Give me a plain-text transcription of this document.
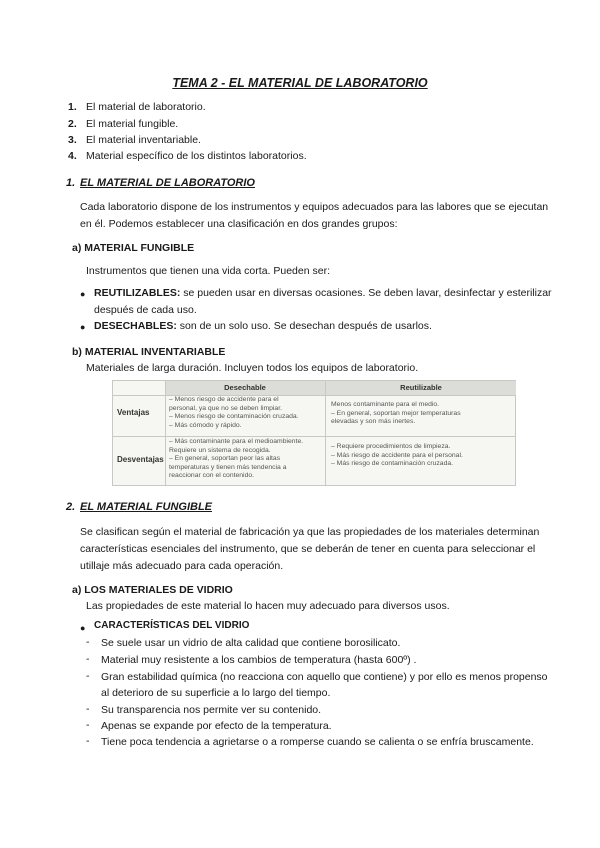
TEMA 2 - EL MATERIAL DE LABORATORIO
1. El material de laboratorio.
2. El material fungible.
3. El material inventariable.
4. Material específico de los distintos laboratorios.
1. EL MATERIAL DE LABORATORIO
Cada laboratorio dispone de los instrumentos y equipos adecuados para las labores que se ejecutan
en él. Podemos establecer una clasificación en dos grandes grupos:
a) MATERIAL FUNGIBLE
Instrumentos que tienen una vida corta. Pueden ser:
● REUTILIZABLES: se pueden usar en diversas ocasiones. Se deben lavar, desinfectar y esterilizar
después de cada uso.
● DESECHABLES: son de un solo uso. Se desechan después de usarlos.
b) MATERIAL INVENTARIABLE
Materiales de larga duración. Incluyen todos los equipos de laboratorio.
Desechable	Reutilizable
Ventajas
– Menos riesgo de accidente para el
personal, ya que no se deben limpiar.
– Menos riesgo de contaminación cruzada.
– Más cómodo y rápido.
Menos contaminante para el medio.
– En general, soportan mejor temperaturas
elevadas y son más inertes.
Desventajas
– Más contaminante para el medioambiente.
Requiere un sistema de recogida.
– En general, soportan peor las altas
temperaturas y tienen más tendencia a
reaccionar con el contenido.
– Requiere procedimientos de limpieza.
– Más riesgo de accidente para el personal.
– Más riesgo de contaminación cruzada.
2. EL MATERIAL FUNGIBLE
Se clasifican según el material de fabricación ya que las propiedades de los materiales determinan
características esenciales del instrumento, que se deberán de tener en cuenta para seleccionar el
utillaje más adecuado para cada operación.
a) LOS MATERIALES DE VIDRIO
Las propiedades de este material lo hacen muy adecuado para diversos usos.
● CARACTERÍSTICAS DEL VIDRIO
- Se suele usar un vidrio de alta calidad que contiene borosilicato.
- Material muy resistente a los cambios de temperatura (hasta 600º) .
- Gran estabilidad química (no reacciona con aquello que contiene) y por ello es menos propenso
al deterioro de su superficie a lo largo del tiempo.
- Su transparencia nos permite ver su contenido.
- Apenas se expande por efecto de la temperatura.
- Tiene poca tendencia a agrietarse o a romperse cuando se calienta o se enfría bruscamente.
